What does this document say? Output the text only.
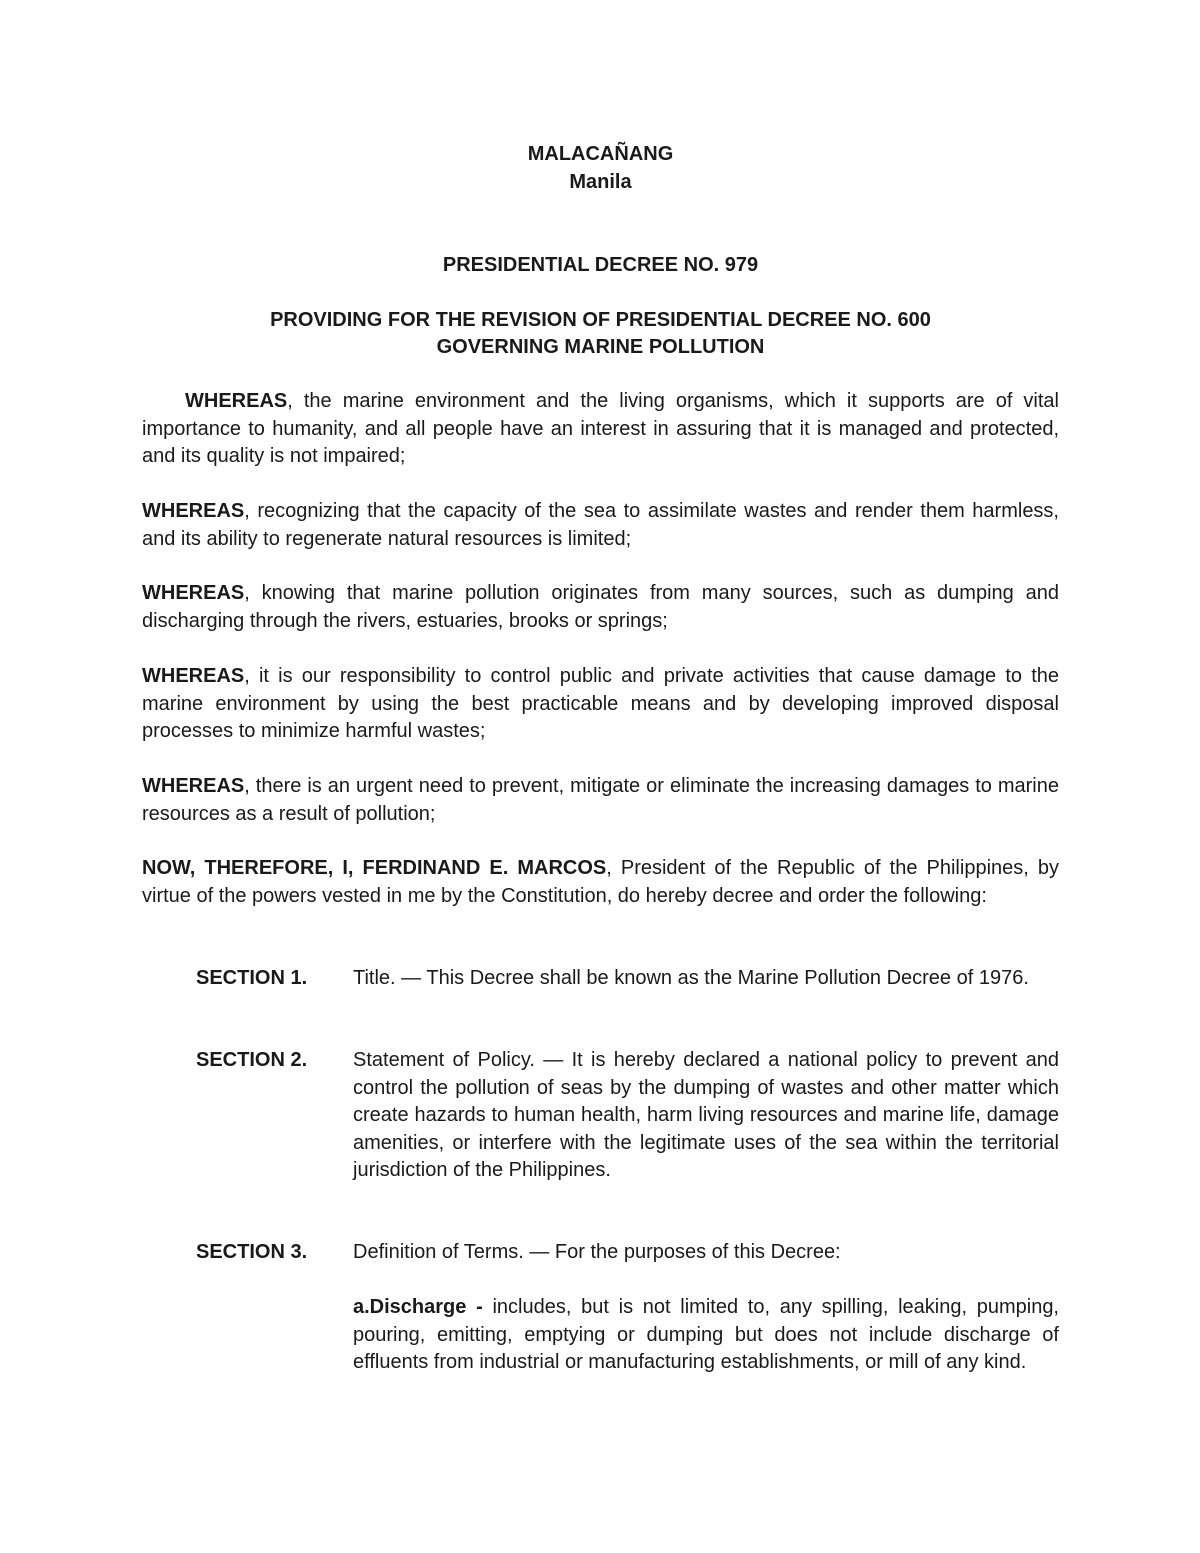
MALACAÑANG
Manila
PRESIDENTIAL DECREE NO. 979
PROVIDING FOR THE REVISION OF PRESIDENTIAL DECREE NO. 600
GOVERNING MARINE POLLUTION
WHEREAS, the marine environment and the living organisms, which it supports are of vital importance to humanity, and all people have an interest in assuring that it is managed and protected, and its quality is not impaired;
WHEREAS, recognizing that the capacity of the sea to assimilate wastes and render them harmless, and its ability to regenerate natural resources is limited;
WHEREAS, knowing that marine pollution originates from many sources, such as dumping and discharging through the rivers, estuaries, brooks or springs;
WHEREAS, it is our responsibility to control public and private activities that cause damage to the marine environment by using the best practicable means and by developing improved disposal processes to minimize harmful wastes;
WHEREAS, there is an urgent need to prevent, mitigate or eliminate the increasing damages to marine resources as a result of pollution;
NOW, THEREFORE, I, FERDINAND E. MARCOS, President of the Republic of the Philippines, by virtue of the powers vested in me by the Constitution, do hereby decree and order the following:
SECTION 1.	Title. — This Decree shall be known as the Marine Pollution Decree of 1976.
SECTION 2.	Statement of Policy. — It is hereby declared a national policy to prevent and control the pollution of seas by the dumping of wastes and other matter which create hazards to human health, harm living resources and marine life, damage amenities, or interfere with the legitimate uses of the sea within the territorial jurisdiction of the Philippines.
SECTION 3.	Definition of Terms. — For the purposes of this Decree:
a.Discharge - includes, but is not limited to, any spilling, leaking, pumping, pouring, emitting, emptying or dumping but does not include discharge of effluents from industrial or manufacturing establishments, or mill of any kind.
